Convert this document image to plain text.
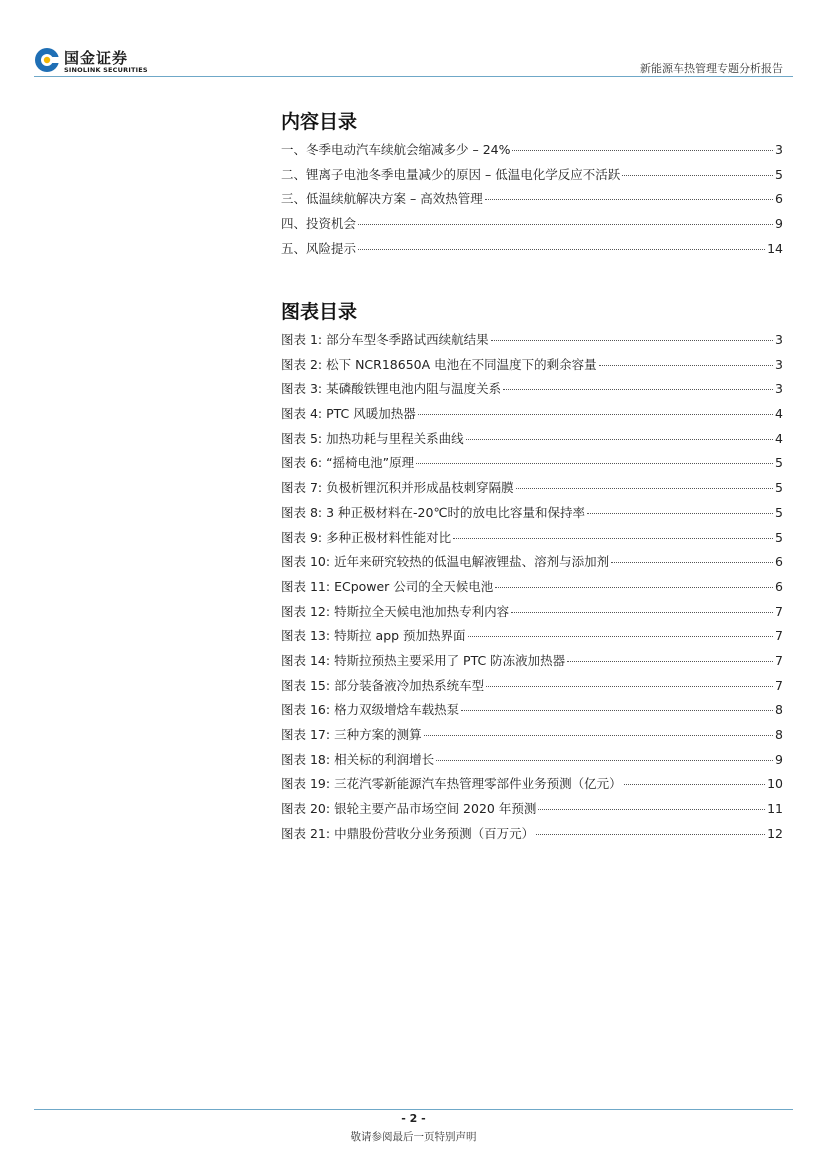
国金证券
SINOLINK SECURITIES	新能源车热管理专题分析报告
内容目录
一、冬季电动汽车续航会缩减多少 – 24%	3
二、锂离子电池冬季电量减少的原因 – 低温电化学反应不活跃	5
三、低温续航解决方案 – 高效热管理	6
四、投资机会	9
五、风险提示	14
图表目录
图表 1: 部分车型冬季路试西续航结果	3
图表 2: 松下 NCR18650A 电池在不同温度下的剩余容量	3
图表 3: 某磷酸铁锂电池内阻与温度关系	3
图表 4: PTC 风暖加热器	4
图表 5: 加热功耗与里程关系曲线	4
图表 6: “摇椅电池”原理	5
图表 7: 负极析锂沉积并形成晶枝刺穿隔膜	5
图表 8: 3 种正极材料在-20℃时的放电比容量和保持率	5
图表 9: 多种正极材料性能对比	5
图表 10: 近年来研究较热的低温电解液锂盐、溶剂与添加剂	6
图表 11: ECpower 公司的全天候电池	6
图表 12: 特斯拉全天候电池加热专利内容	7
图表 13: 特斯拉 app 预加热界面	7
图表 14: 特斯拉预热主要采用了 PTC 防冻液加热器	7
图表 15: 部分装备液冷加热系统车型	7
图表 16: 格力双级增焓车载热泵	8
图表 17: 三种方案的测算	8
图表 18: 相关标的利润增长	9
图表 19: 三花汽零新能源汽车热管理零部件业务预测（亿元）	10
图表 20: 银轮主要产品市场空间 2020 年预测	11
图表 21: 中鼎股份营收分业务预测（百万元）	12
- 2 -
敬请参阅最后一页特别声明
